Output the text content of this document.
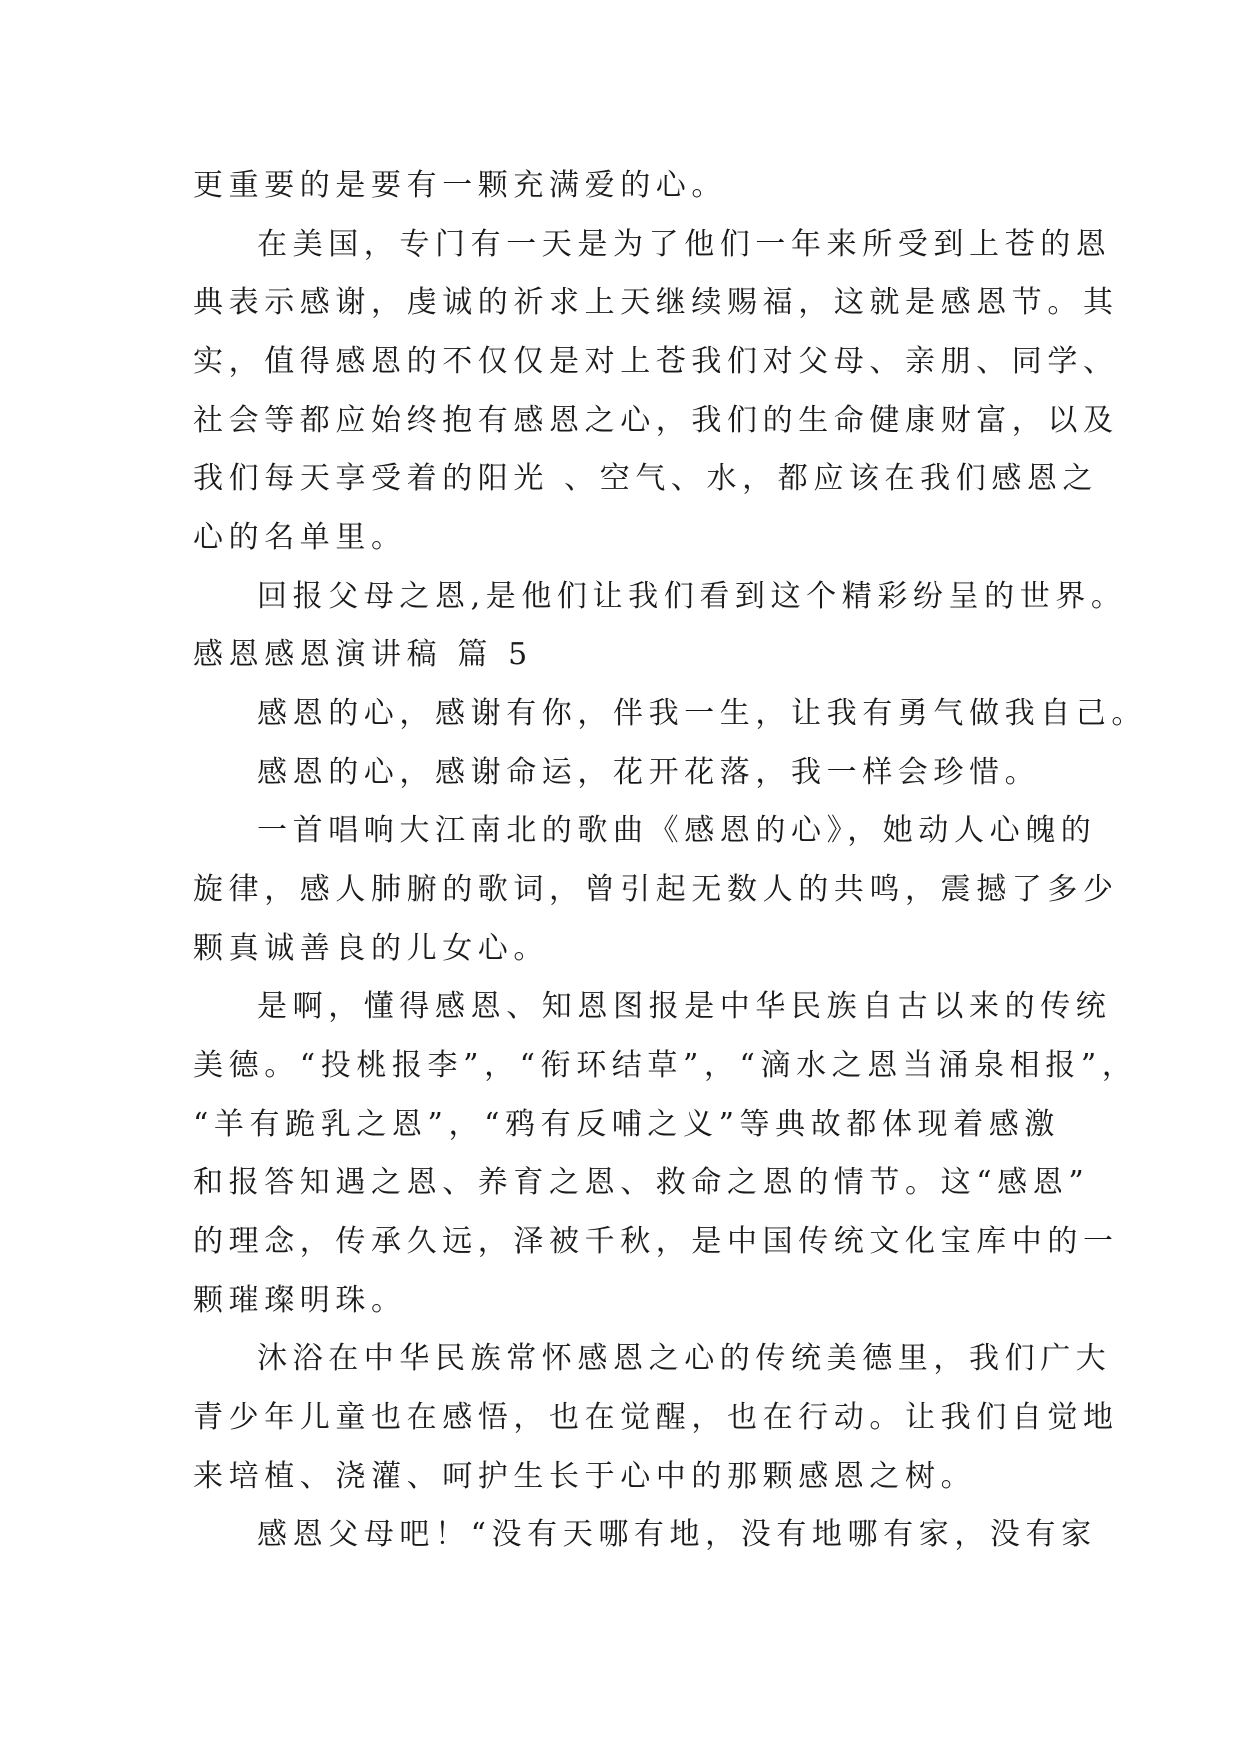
更重要的是要有一颗充满爱的心。

在美国，专门有一天是为了他们一年来所受到上苍的恩

典表示感谢，虔诚的祈求上天继续赐福，这就是感恩节。其

实，值得感恩的不仅仅是对上苍我们对父母、亲朋、同学、

社会等都应始终抱有感恩之心，我们的生命健康财富，以及

我们每天享受着的阳光 、空气、水，都应该在我们感恩之

心的名单里。

回报父母之恩,是他们让我们看到这个精彩纷呈的世界。

感恩感恩演讲稿 篇 5

感恩的心，感谢有你，伴我一生，让我有勇气做我自己。

感恩的心，感谢命运，花开花落，我一样会珍惜。

一首唱响大江南北的歌曲《感恩的心》，她动人心魄的

旋律，感人肺腑的歌词，曾引起无数人的共鸣，震撼了多少

颗真诚善良的儿女心。

是啊，懂得感恩、知恩图报是中华民族自古以来的传统

美德。“投桃报李”，“衔环结草”，“滴水之恩当涌泉相报”，

“羊有跪乳之恩”，“鸦有反哺之义”等典故都体现着感激

和报答知遇之恩、养育之恩、救命之恩的情节。这“感恩”

的理念，传承久远，泽被千秋，是中国传统文化宝库中的一

颗璀璨明珠。

沐浴在中华民族常怀感恩之心的传统美德里，我们广大

青少年儿童也在感悟，也在觉醒，也在行动。让我们自觉地

来培植、浇灌、呵护生长于心中的那颗感恩之树。

感恩父母吧！“没有天哪有地，没有地哪有家，没有家
